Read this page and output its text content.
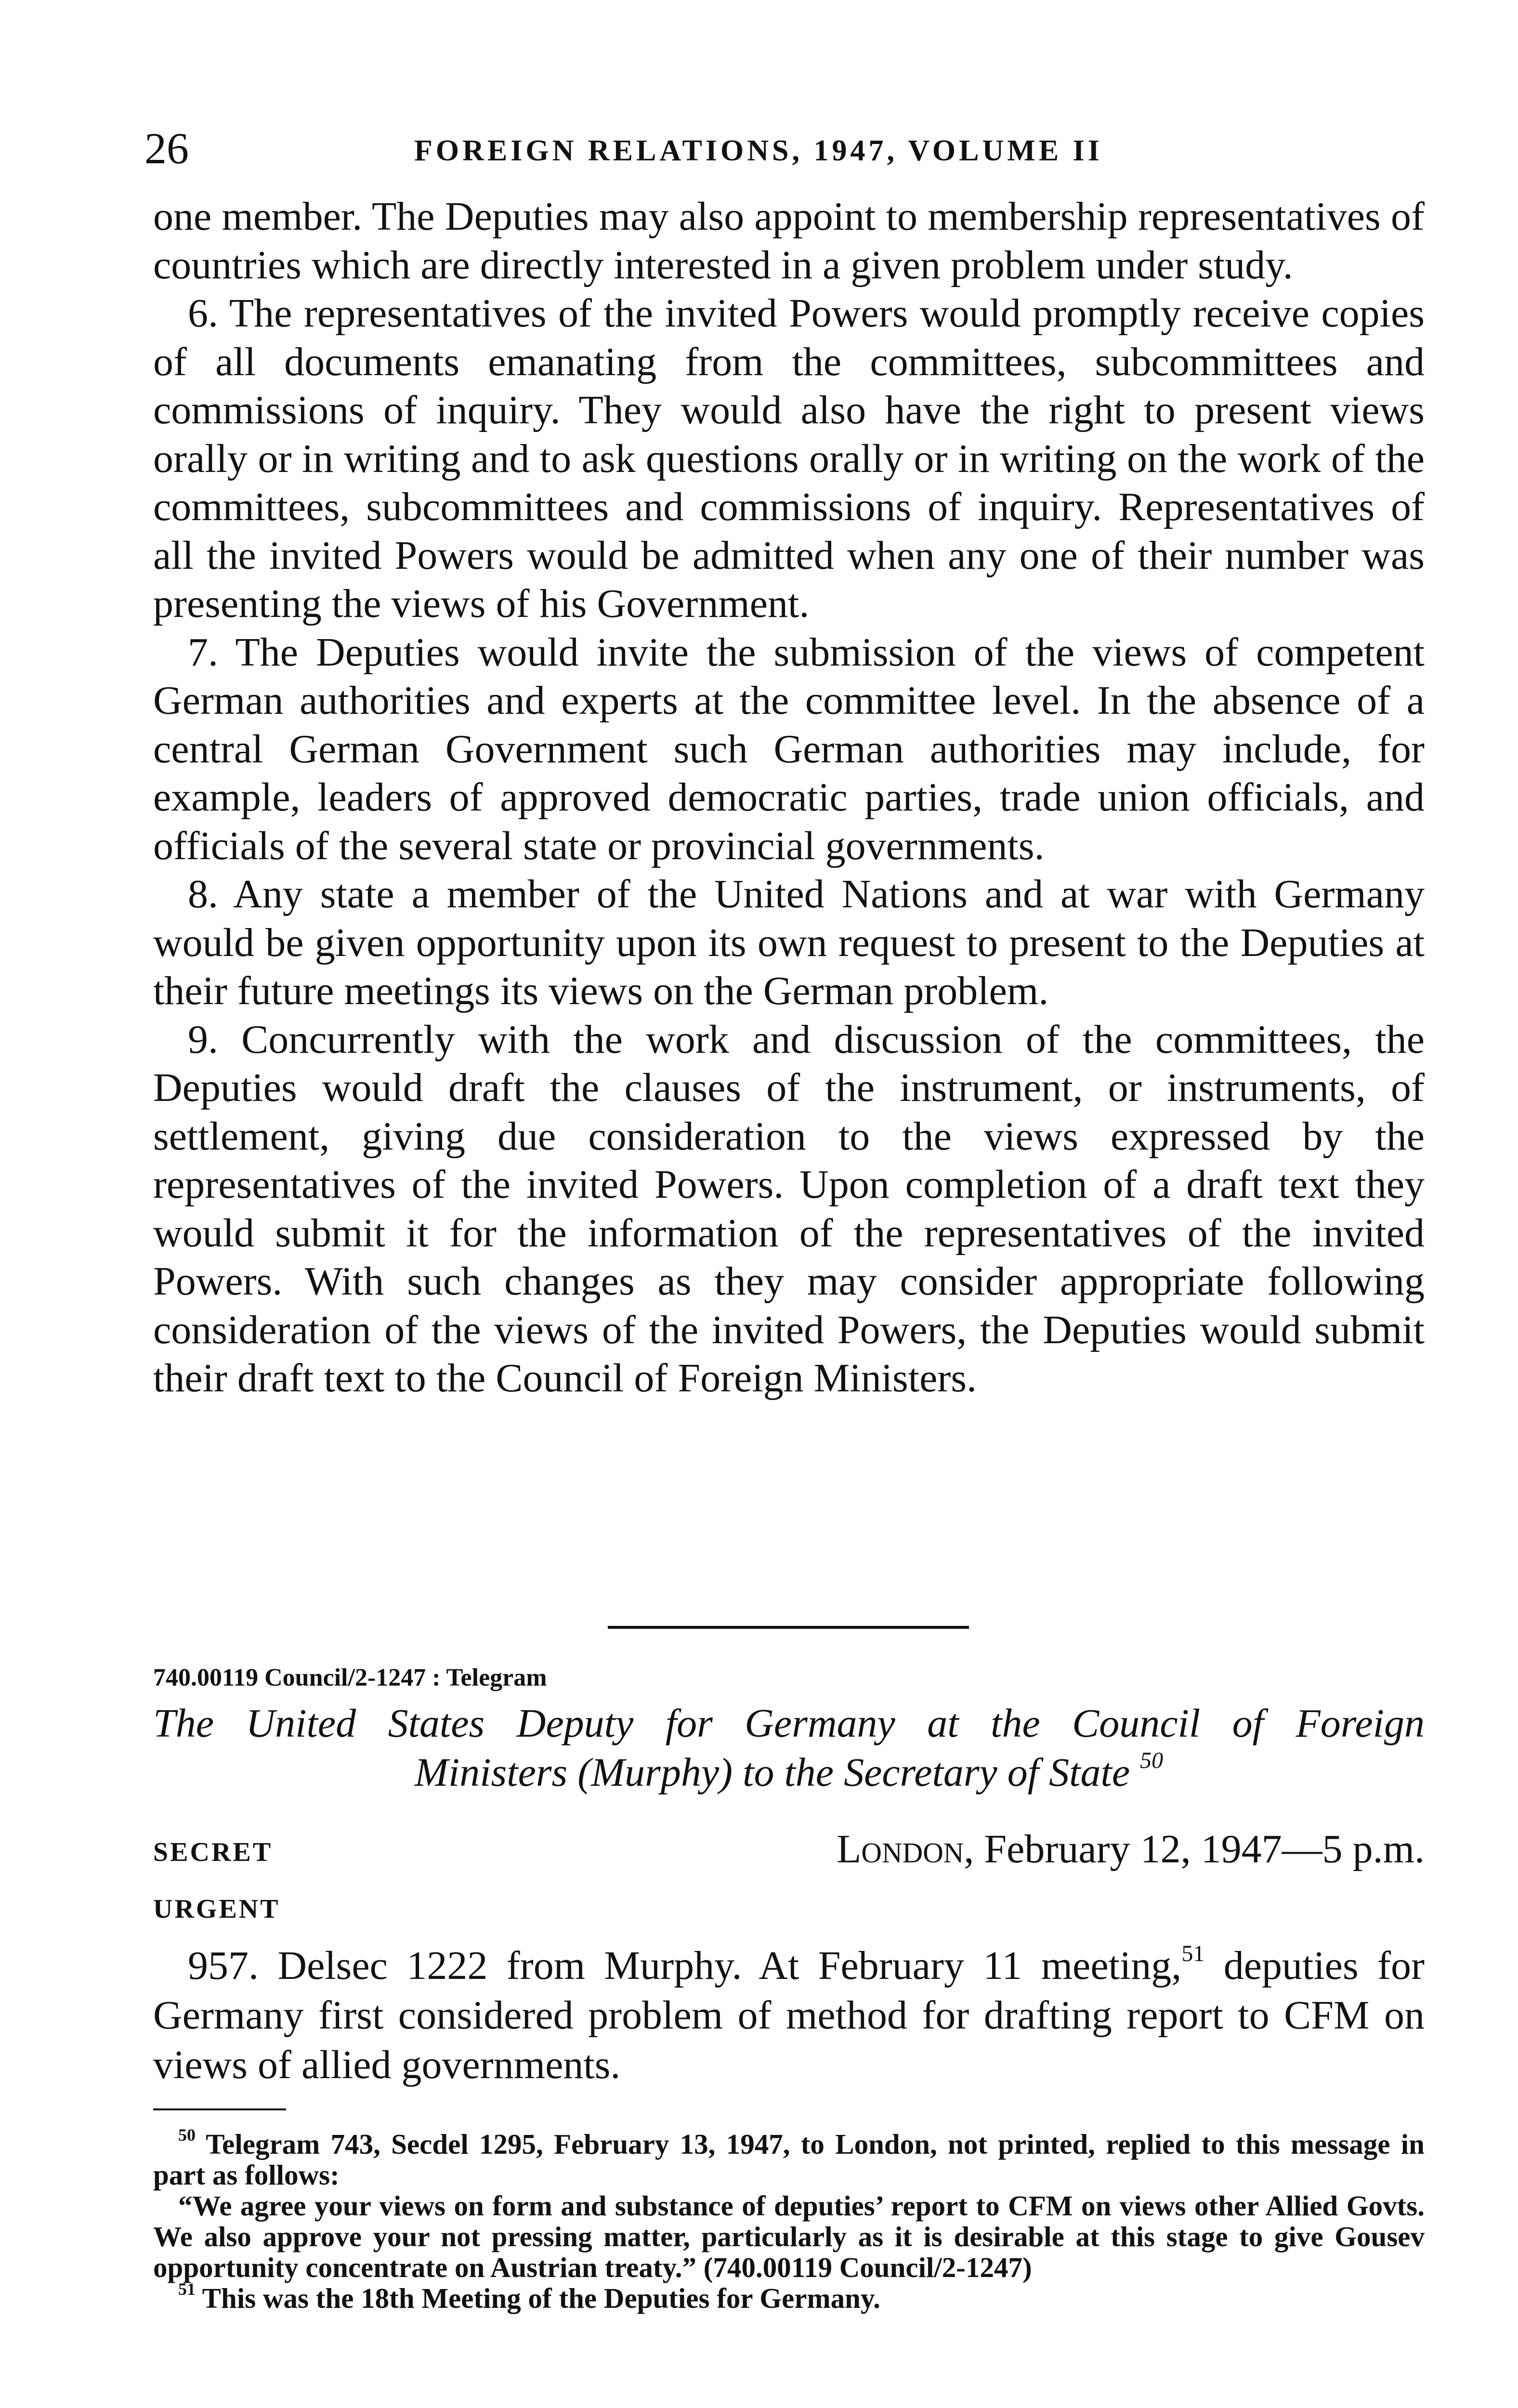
26	FOREIGN RELATIONS, 1947, VOLUME II

one member. The Deputies may also appoint to membership representatives of countries which are directly interested in a given problem under study.

6. The representatives of the invited Powers would promptly receive copies of all documents emanating from the committees, subcommittees and commissions of inquiry. They would also have the right to present views orally or in writing and to ask questions orally or in writing on the work of the committees, subcommittees and commissions of inquiry. Representatives of all the invited Powers would be admitted when any one of their number was presenting the views of his Government.

7. The Deputies would invite the submission of the views of competent German authorities and experts at the committee level. In the absence of a central German Government such German authorities may include, for example, leaders of approved democratic parties, trade union officials, and officials of the several state or provincial governments.

8. Any state a member of the United Nations and at war with Germany would be given opportunity upon its own request to present to the Deputies at their future meetings its views on the German problem.

9. Concurrently with the work and discussion of the committees, the Deputies would draft the clauses of the instrument, or instruments, of settlement, giving due consideration to the views expressed by the representatives of the invited Powers. Upon completion of a draft text they would submit it for the information of the representatives of the invited Powers. With such changes as they may consider appropriate following consideration of the views of the invited Powers, the Deputies would submit their draft text to the Council of Foreign Ministers.

740.00119 Council/2-1247 : Telegram
The United States Deputy for Germany at the Council of Foreign
Ministers (Murphy) to the Secretary of State $^{50}$
SECRET
URGENT
London, February 12, 1947—5 p.m.

957. Delsec 1222 from Murphy. At February 11 meeting,$^{51}$ deputies for Germany first considered problem of method for drafting report to CFM on views of allied governments.

$^{50}$ Telegram 743, Secdel 1295, February 13, 1947, to London, not printed, replied to this message in part as follows:

“We agree your views on form and substance of deputies’ report to CFM on views other Allied Govts. We also approve your not pressing matter, particularly as it is desirable at this stage to give Gousev opportunity concentrate on Austrian treaty.” (740.00119 Council/2-1247)

$^{51}$ This was the 18th Meeting of the Deputies for Germany.
